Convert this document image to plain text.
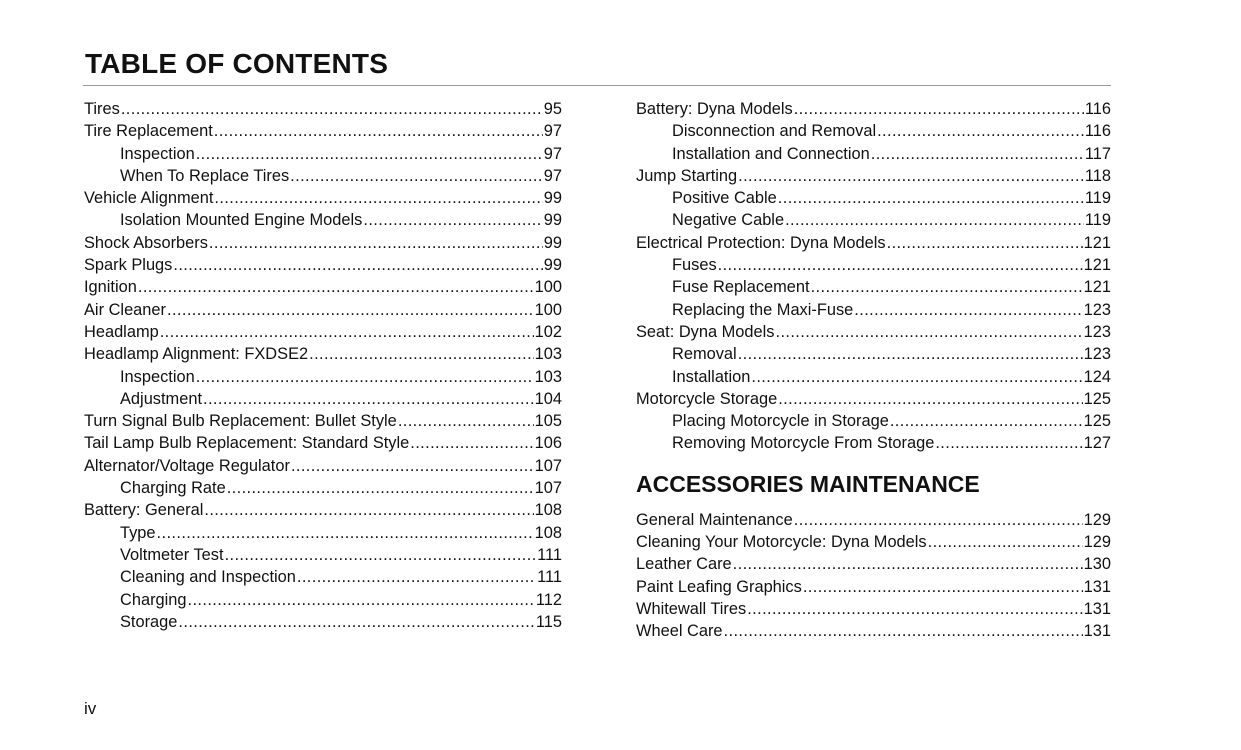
TABLE OF CONTENTS
Tires .....	95
Tire Replacement .....	97
Inspection .....	97
When To Replace Tires .....	97
Vehicle Alignment .....	99
Isolation Mounted Engine Models .....	99
Shock Absorbers .....	99
Spark Plugs .....	99
Ignition .....	100
Air Cleaner .....	100
Headlamp .....	102
Headlamp Alignment: FXDSE2 .....	103
Inspection .....	103
Adjustment .....	104
Turn Signal Bulb Replacement: Bullet Style .....	105
Tail Lamp Bulb Replacement: Standard Style .....	106
Alternator/Voltage Regulator .....	107
Charging Rate .....	107
Battery: General .....	108
Type .....	108
Voltmeter Test .....	111
Cleaning and Inspection .....	111
Charging .....	112
Storage .....	115
Battery: Dyna Models .....	116
Disconnection and Removal .....	116
Installation and Connection .....	117
Jump Starting .....	118
Positive Cable .....	119
Negative Cable .....	119
Electrical Protection: Dyna Models .....	121
Fuses .....	121
Fuse Replacement .....	121
Replacing the Maxi-Fuse .....	123
Seat: Dyna Models .....	123
Removal .....	123
Installation .....	124
Motorcycle Storage .....	125
Placing Motorcycle in Storage .....	125
Removing Motorcycle From Storage .....	127
ACCESSORIES MAINTENANCE
General Maintenance .....	129
Cleaning Your Motorcycle: Dyna Models .....	129
Leather Care .....	130
Paint Leafing Graphics .....	131
Whitewall Tires .....	131
Wheel Care .....	131
iv
